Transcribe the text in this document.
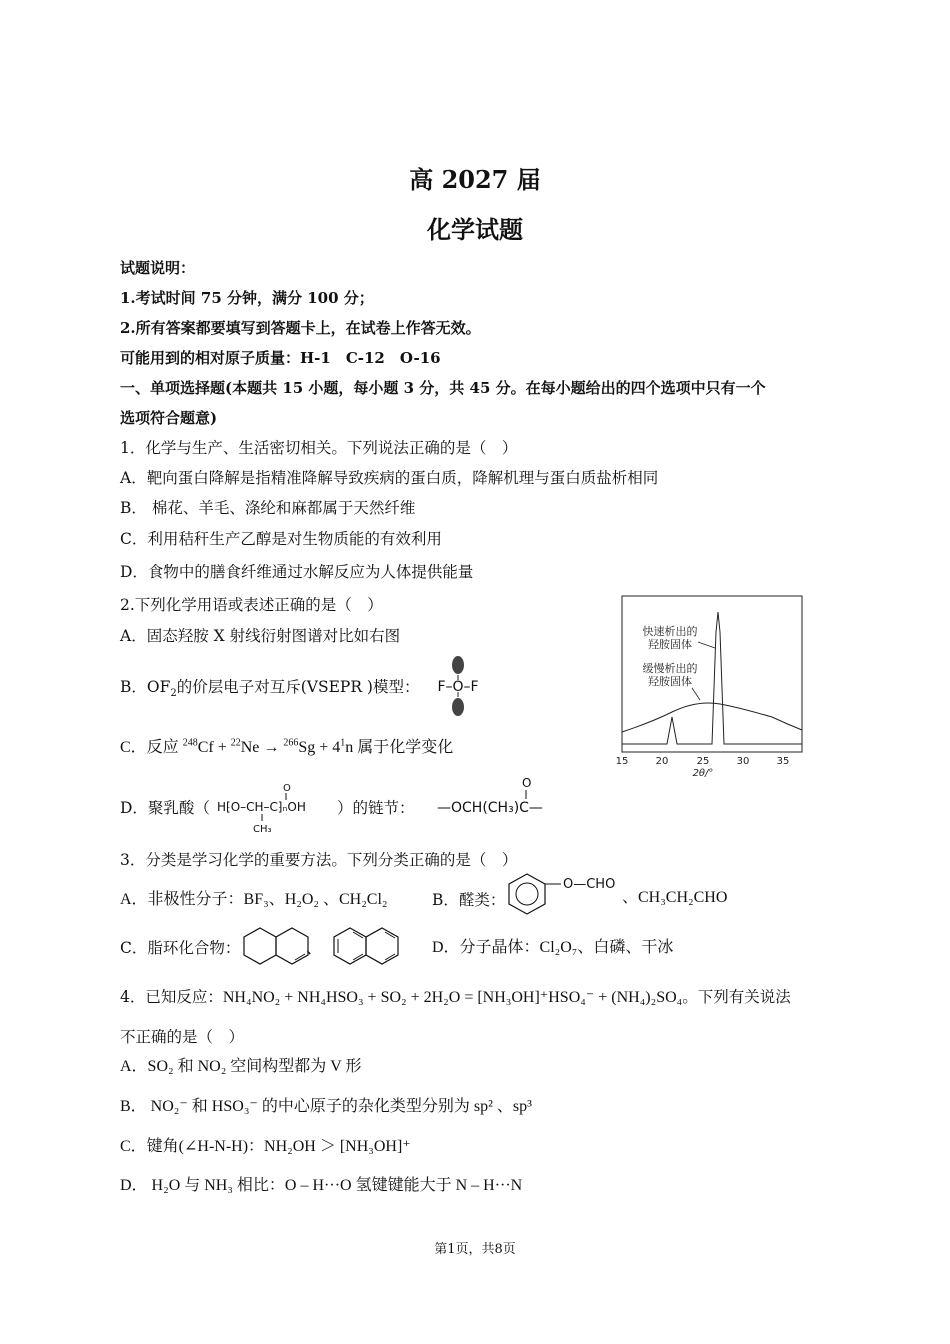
高 2027 届
化学试题
试题说明：
1.考试时间 75 分钟，满分 100 分；
2.所有答案都要填写到答题卡上，在试卷上作答无效。
可能用到的相对原子质量：H-1　C-12　O-16
一、单项选择题(本题共 15 小题，每小题 3 分，共 45 分。在每小题给出的四个选项中只有一个
选项符合题意)
1．化学与生产、生活密切相关。下列说法正确的是（　）
A．靶向蛋白降解是指精准降解导致疾病的蛋白质，降解机理与蛋白质盐析相同
B． 棉花、羊毛、涤纶和麻都属于天然纤维
C．利用秸秆生产乙醇是对生物质能的有效利用
D．食物中的膳食纤维通过水解反应为人体提供能量
2.下列化学用语或表述正确的是（　）
A．固态羟胺 X 射线衍射图谱对比如右图
B．$OF_2$的价层电子对互斥(VSEPR )模型： F–O–F
C．反应 $^{248}Cf + ^{22}Ne \to ^{266}Sg + 4^1n$ 属于化学变化
D．聚乳酸（
O
H⁅O–CH–C⁆ₙOH
CH₃
）的链节：
O
—OCH(CH₃)C—
快速析出的
羟胺固体
缓慢析出的
羟胺固体
15	20	25	30	35
2θ/°
3．分类是学习化学的重要方法。下列分类正确的是（　）
A．非极性分子：BF₃、H₂O₂ 、CH₂Cl₂	B．醛类：
O—CHO
、CH₃CH₂CHO
C．脂环化合物：	、	D．分子晶体：Cl₂O₇、白磷、干冰
4．已知反应：NH₄NO₂ + NH₄HSO₃ + SO₂ + 2H₂O = [NH₃OH]⁺HSO₄⁻ + (NH₄)₂SO₄。下列有关说法
不正确的是（　）
A．SO₂ 和 NO₂ 空间构型都为 V 形
B． NO₂⁻ 和 HSO₃⁻ 的中心原子的杂化类型分别为 sp² 、sp³
C．键角(∠H-N-H)：NH₂OH ＞ [NH₃OH]⁺
D． H₂O 与 NH₃ 相比：O – H···O 氢键键能大于 N – H···N
第1页，共8页
